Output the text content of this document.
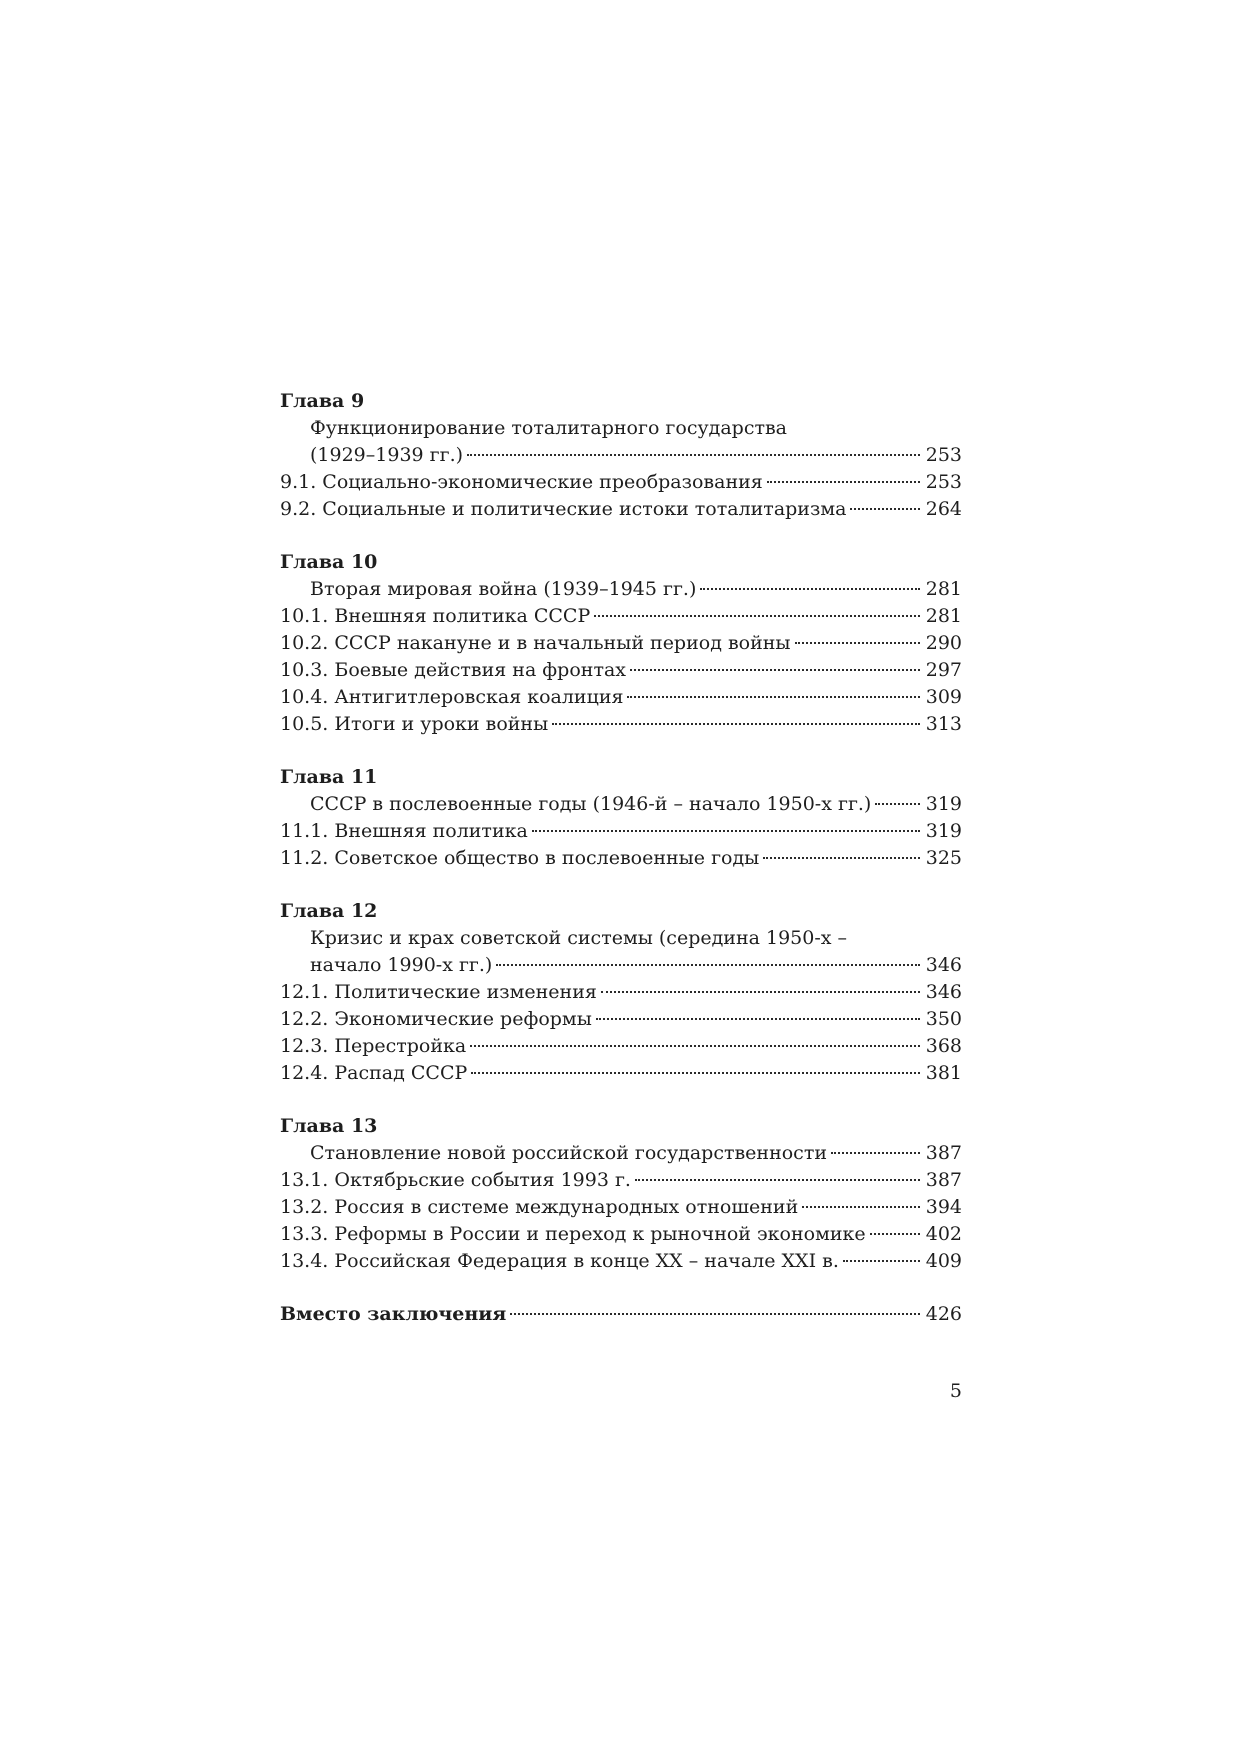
Глава 9
Функционирование тоталитарного государства
(1929–1939 гг.)	253
9.1. Социально-экономические преобразования	253
9.2. Социальные и политические истоки тоталитаризма	264
Глава 10
Вторая мировая война (1939–1945 гг.)	281
10.1. Внешняя политика СССР	281
10.2. СССР накануне и в начальный период войны	290
10.3. Боевые действия на фронтах	297
10.4. Антигитлеровская коалиция	309
10.5. Итоги и уроки войны	313
Глава 11
СССР в послевоенные годы (1946-й – начало 1950-х гг.)	319
11.1. Внешняя политика	319
11.2. Советское общество в послевоенные годы	325
Глава 12
Кризис и крах советской системы (середина 1950-х –
начало 1990-х гг.)	346
12.1. Политические изменения	346
12.2. Экономические реформы	350
12.3. Перестройка	368
12.4. Распад СССР	381
Глава 13
Становление новой российской государственности	387
13.1. Октябрьские события 1993 г.	387
13.2. Россия в системе международных отношений	394
13.3. Реформы в России и переход к рыночной экономике	402
13.4. Российская Федерация в конце XX – начале XXI в.	409
Вместо заключения	426
5
